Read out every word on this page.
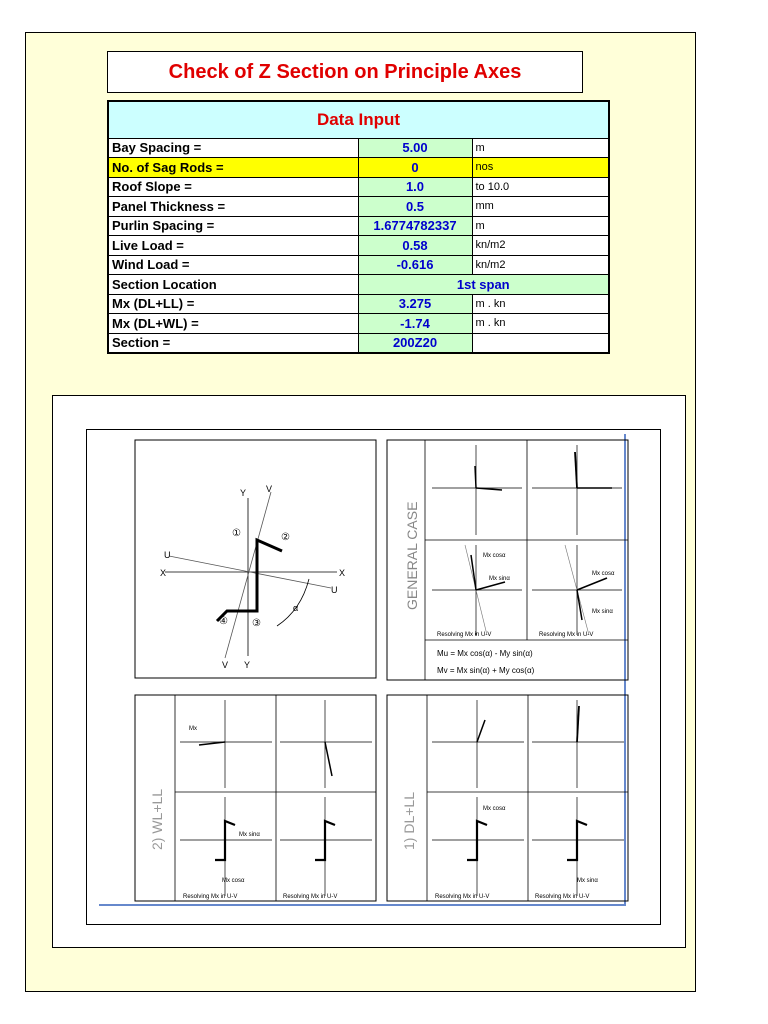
Check of Z Section on Principle Axes
Data Input		
Bay Spacing =	5.00	m
No. of Sag Rods =	0	nos
Roof Slope =	1.0	to 10.0
Panel Thickness =	0.5	mm
Purlin Spacing =	1.6774782337	m
Live Load =	0.58	kn/m2
Wind Load =	-0.616	kn/m2
Section Location	1st span	
Mx (DL+LL) =	3.275	m . kn
Mx (DL+WL) =	-1.74	m . kn
Section =	200Z20	
Y V
X	X
U
U
V Y
①	②
③
④
α	GENERAL CASE	Mx cosα
Mx sinα
Mx cosα
Mx sinα
Resolving Mx in U-V	Resolving Mx in U-V
Mu = Mx cos(α) - My sin(α)
Mv = Mx sin(α) + My cos(α)
2) WL+LL
Mx
Mx sinα
Mx cosα
Resolving Mx in U-V	Resolving Mx in U-V
1) DL+LL	Mx cosα
Mx sinα
Resolving Mx in U-V	Resolving Mx in U-V
